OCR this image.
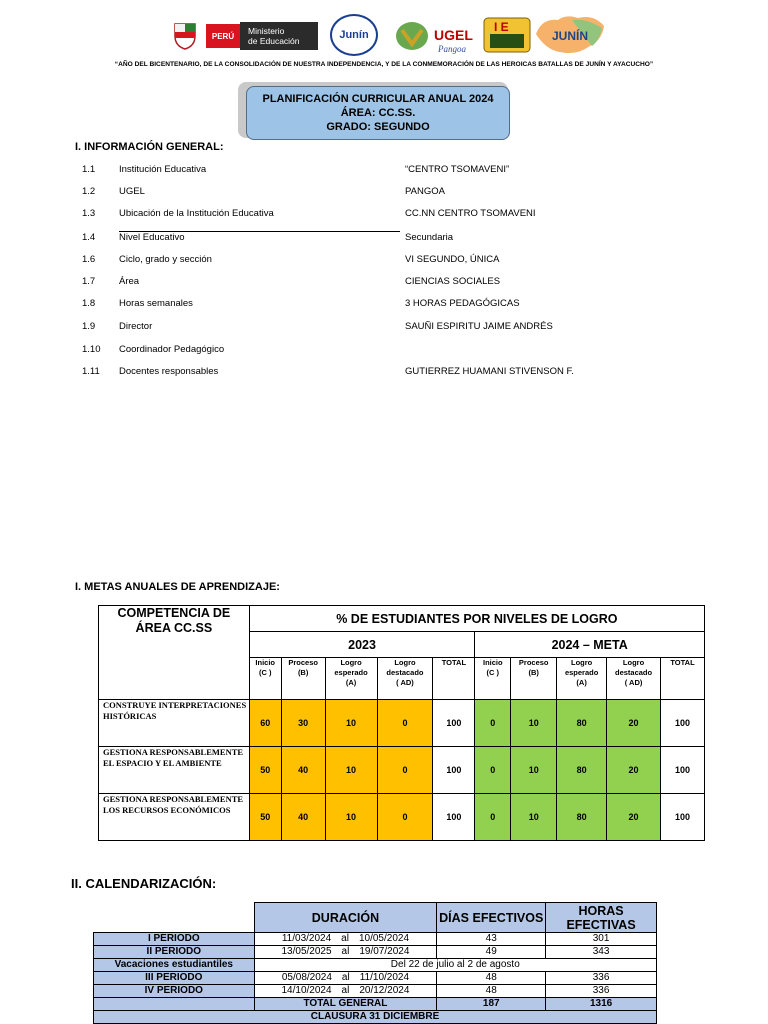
PERÚ Ministerio
de Educación	Junín	UGEL
Pangoa
I E
JUNÍN
“AÑO DEL BICENTENARIO, DE LA CONSOLIDACIÓN DE NUESTRA INDEPENDENCIA, Y DE LA CONMEMORACIÓN DE LAS HEROICAS BATALLAS DE JUNÍN Y AYACUCHO”
PLANIFICACIÓN CURRICULAR ANUAL 2024
ÁREA: CC.SS.
GRADO: SEGUNDO
I. INFORMACIÓN GENERAL:
1.1	Institución Educativa	“CENTRO TSOMAVENI”
1.2	UGEL	PANGOA
1.3	Ubicación de la Institución Educativa	CC.NN CENTRO TSOMAVENI
1.4	Nivel Educativo	Secundaria
1.6	Ciclo, grado y sección	VI SEGUNDO, ÚNICA
1.7	Área	CIENCIAS SOCIALES
1.8	Horas semanales	3 HORAS PEDAGÓGICAS
1.9	Director	SAUÑI ESPIRITU JAIME ANDRÉS
1.10 Coordinador Pedagógico
1.11 Docentes responsables	GUTIERREZ HUAMANI STIVENSON F.
I. METAS ANUALES DE APRENDIZAJE:
COMPETENCIA DE ÁREA CC.SS	% DE ESTUDIANTES POR NIVELES DE LOGRO									
	2023					2024 – META				
	Inicio
(C )	Proceso
(B)	Logro
esperado
(A)	Logro
destacado
( AD)	TOTAL	Inicio
(C )	Proceso
(B)	Logro
esperado
(A)	Logro
destacado
( AD)	TOTAL
CONSTRUYE INTERPRETACIONES HISTÓRICAS	60	30	10	0	100	0	10	80	20	100
GESTIONA RESPONSABLEMENTE EL ESPACIO Y EL AMBIENTE	50	40	10	0	100	0	10	80	20	100
GESTIONA RESPONSABLEMENTE LOS RECURSOS ECONÓMICOS	50	40	10	0	100	0	10	80	20	100
II. CALENDARIZACIÓN:
	DURACIÓN	DÍAS EFECTIVOS	HORAS EFECTIVAS
I PERIODO	11/03/2024 al 10/05/2024	43	301
II PERIODO	13/05/2025 al 19/07/2024	49	343
Vacaciones estudiantiles	Del 22 de julio al 2 de agosto		
III PERIODO	05/08/2024 al 11/10/2024	48	336
IV PERIODO	14/10/2024 al 20/12/2024	48	336
	TOTAL GENERAL	187	1316
CLAUSURA 31 DICIEMBRE			
